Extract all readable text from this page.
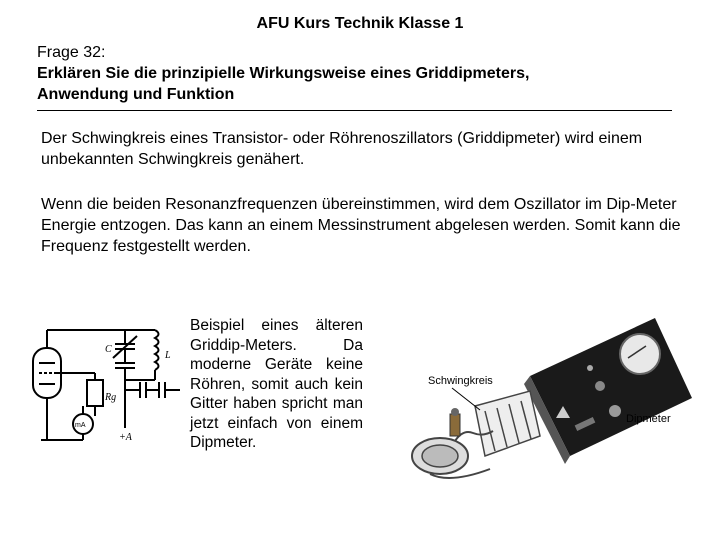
AFU Kurs Technik Klasse 1
Frage 32:
Erklären Sie die prinzipielle Wirkungsweise eines Griddipmeters,
Anwendung und Funktion
Der Schwingkreis eines Transistor- oder Röhrenoszillators (Griddipmeter) wird einem unbekannten Schwingkreis genähert.
Wenn die beiden Resonanzfrequenzen übereinstimmen, wird dem Oszillator im Dip-Meter Energie entzogen. Das kann an einem Messinstrument abgelesen werden. Somit kann die Frequenz festgestellt werden.
C
L
Rg
mA
+A
Beispiel eines älteren Griddip-Meters. Da moderne Geräte keine Röhren, somit auch kein Gitter haben spricht man jetzt einfach von einem Dipmeter.
Schwingkreis
Dipmeter
